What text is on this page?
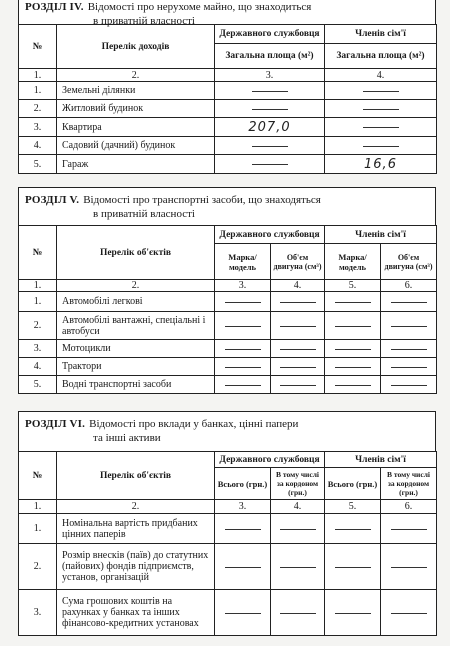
РОЗДІЛ IV. Відомості про нерухоме майно, що знаходиться
в приватній власності
№	Перелік доходів	Державного службовця	Членів сім'ї
		Загальна площа (м²)	Загальна площа (м²)
1.	2.	3.	4.
1.	Земельні ділянки		
2.	Житловий будинок		
3.	Квартира	207,0	
4.	Садовий (дачний) будинок		
5.	Гараж		16,6
РОЗДІЛ V. Відомості про транспортні засоби, що знаходяться
в приватній власності
№	Перелік об'єктів	Державного службовця		Членів сім'ї	
		Марка/ модель	Об'єм двигуна (см³)	Марка/ модель	Об'єм двигуна (см³)
1.	2.	3.	4.	5.	6.
1.	Автомобілі легкові				
2.	Автомобілі вантажні, спеціальні і автобуси				
3.	Мотоцикли				
4.	Трактори				
5.	Водні транспортні засоби				
РОЗДІЛ VI. Відомості про вклади у банках, цінні папери
та інші активи
№	Перелік об'єктів	Державного службовця		Членів сім'ї	
		Всього (грн.)	В тому числі за кордоном (грн.)	Всього (грн.)	В тому числі за кордоном (грн.)
1.	2.	3.	4.	5.	6.
1.	Номінальна вартість придбаних цінних паперів				
2.	Розмір внесків (паїв) до статутних (пайових) фондів підприємств, установ, організацій				
3.	Сума грошових коштів на рахунках у банках та інших фінансово-кредитних установах				
